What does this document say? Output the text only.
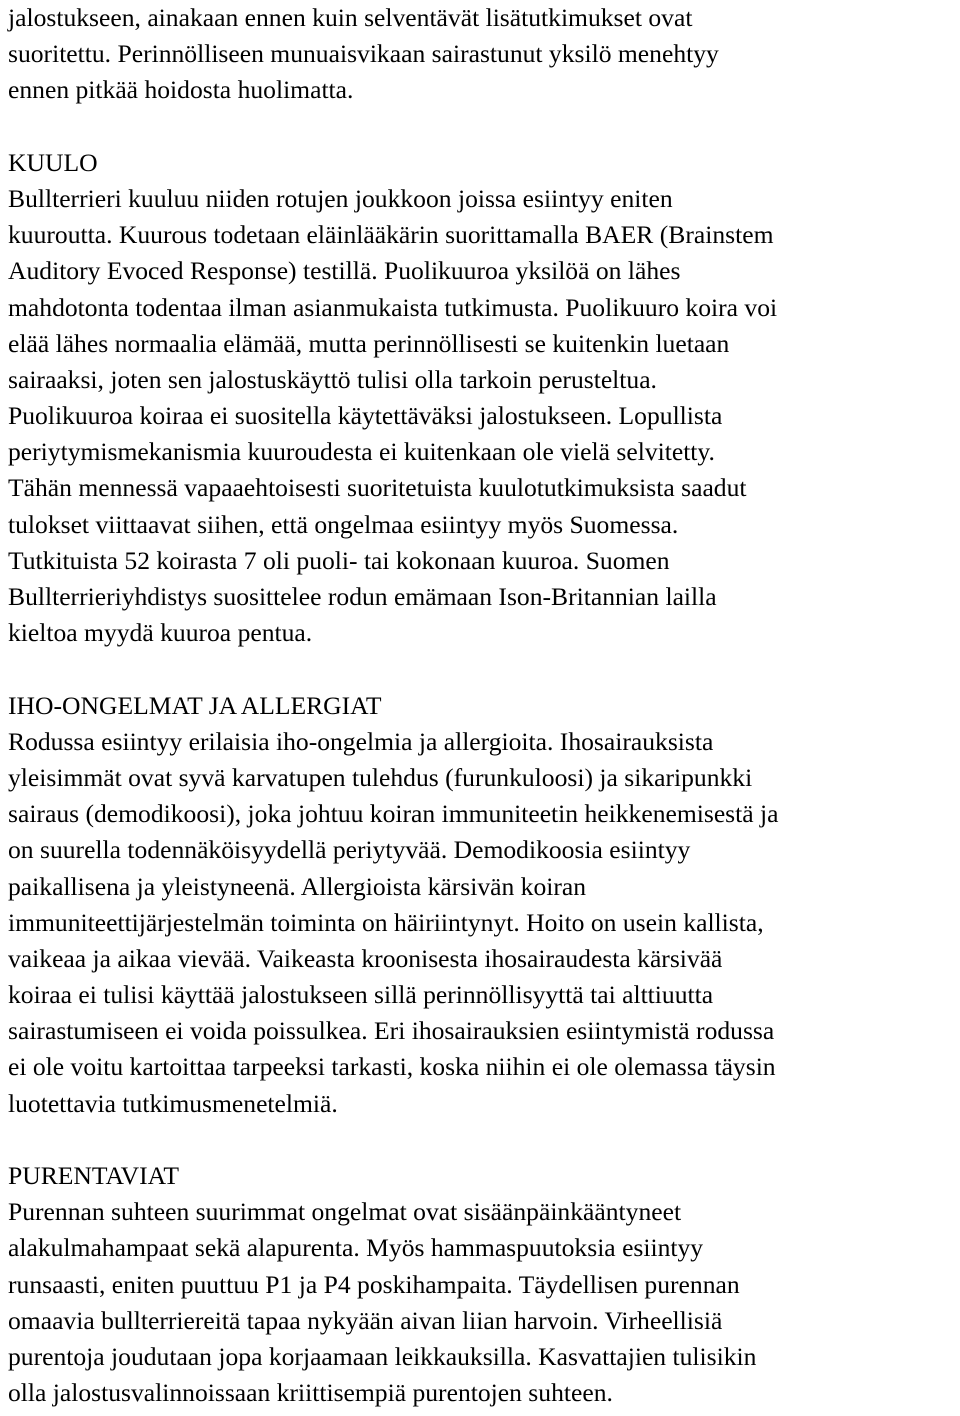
jalostukseen, ainakaan ennen kuin selventävät lisätutkimukset ovat
suoritettu. Perinnölliseen munuaisvikaan sairastunut yksilö menehtyy
ennen pitkää hoidosta huolimatta.
KUULO
Bullterrieri kuuluu niiden rotujen joukkoon joissa esiintyy eniten
kuuroutta. Kuurous todetaan eläinlääkärin suorittamalla BAER (Brainstem
Auditory Evoced Response) testillä. Puolikuuroa yksilöä on lähes
mahdotonta todentaa ilman asianmukaista tutkimusta. Puolikuuro koira voi
elää lähes normaalia elämää, mutta perinnöllisesti se kuitenkin luetaan
sairaaksi, joten sen jalostuskäyttö tulisi olla tarkoin perusteltua.
Puolikuuroa koiraa ei suositella käytettäväksi jalostukseen. Lopullista
periytymismekanismia kuuroudesta ei kuitenkaan ole vielä selvitetty.
Tähän mennessä vapaaehtoisesti suoritetuista kuulotutkimuksista saadut
tulokset viittaavat siihen, että ongelmaa esiintyy myös Suomessa.
Tutkituista 52 koirasta 7 oli puoli- tai kokonaan kuuroa. Suomen
Bullterrieriyhdistys suosittelee rodun emämaan Ison-Britannian lailla
kieltoa myydä kuuroa pentua.
IHO-ONGELMAT JA ALLERGIAT
Rodussa esiintyy erilaisia iho-ongelmia ja allergioita. Ihosairauksista
yleisimmät ovat syvä karvatupen tulehdus (furunkuloosi) ja sikaripunkki
sairaus (demodikoosi), joka johtuu koiran immuniteetin heikkenemisestä ja
on suurella todennäköisyydellä periytyvää. Demodikoosia esiintyy
paikallisena ja yleistyneenä. Allergioista kärsivän koiran
immuniteettijärjestelmän toiminta on häiriintynyt. Hoito on usein kallista,
vaikeaa ja aikaa vievää. Vaikeasta kroonisesta ihosairaudesta kärsivää
koiraa ei tulisi käyttää jalostukseen sillä perinnöllisyyttä tai alttiuutta
sairastumiseen ei voida poissulkea. Eri ihosairauksien esiintymistä rodussa
ei ole voitu kartoittaa tarpeeksi tarkasti, koska niihin ei ole olemassa täysin
luotettavia tutkimusmenetelmiä.
PURENTAVIAT
Purennan suhteen suurimmat ongelmat ovat sisäänpäinkääntyneet
alakulmahampaat sekä alapurenta. Myös hammaspuutoksia esiintyy
runsaasti, eniten puuttuu P1 ja P4 poskihampaita. Täydellisen purennan
omaavia bullterriereitä tapaa nykyään aivan liian harvoin. Virheellisiä
purentoja joudutaan jopa korjaamaan leikkauksilla. Kasvattajien tulisikin
olla jalostusvalinnoissaan kriittisempiä purentojen suhteen.
